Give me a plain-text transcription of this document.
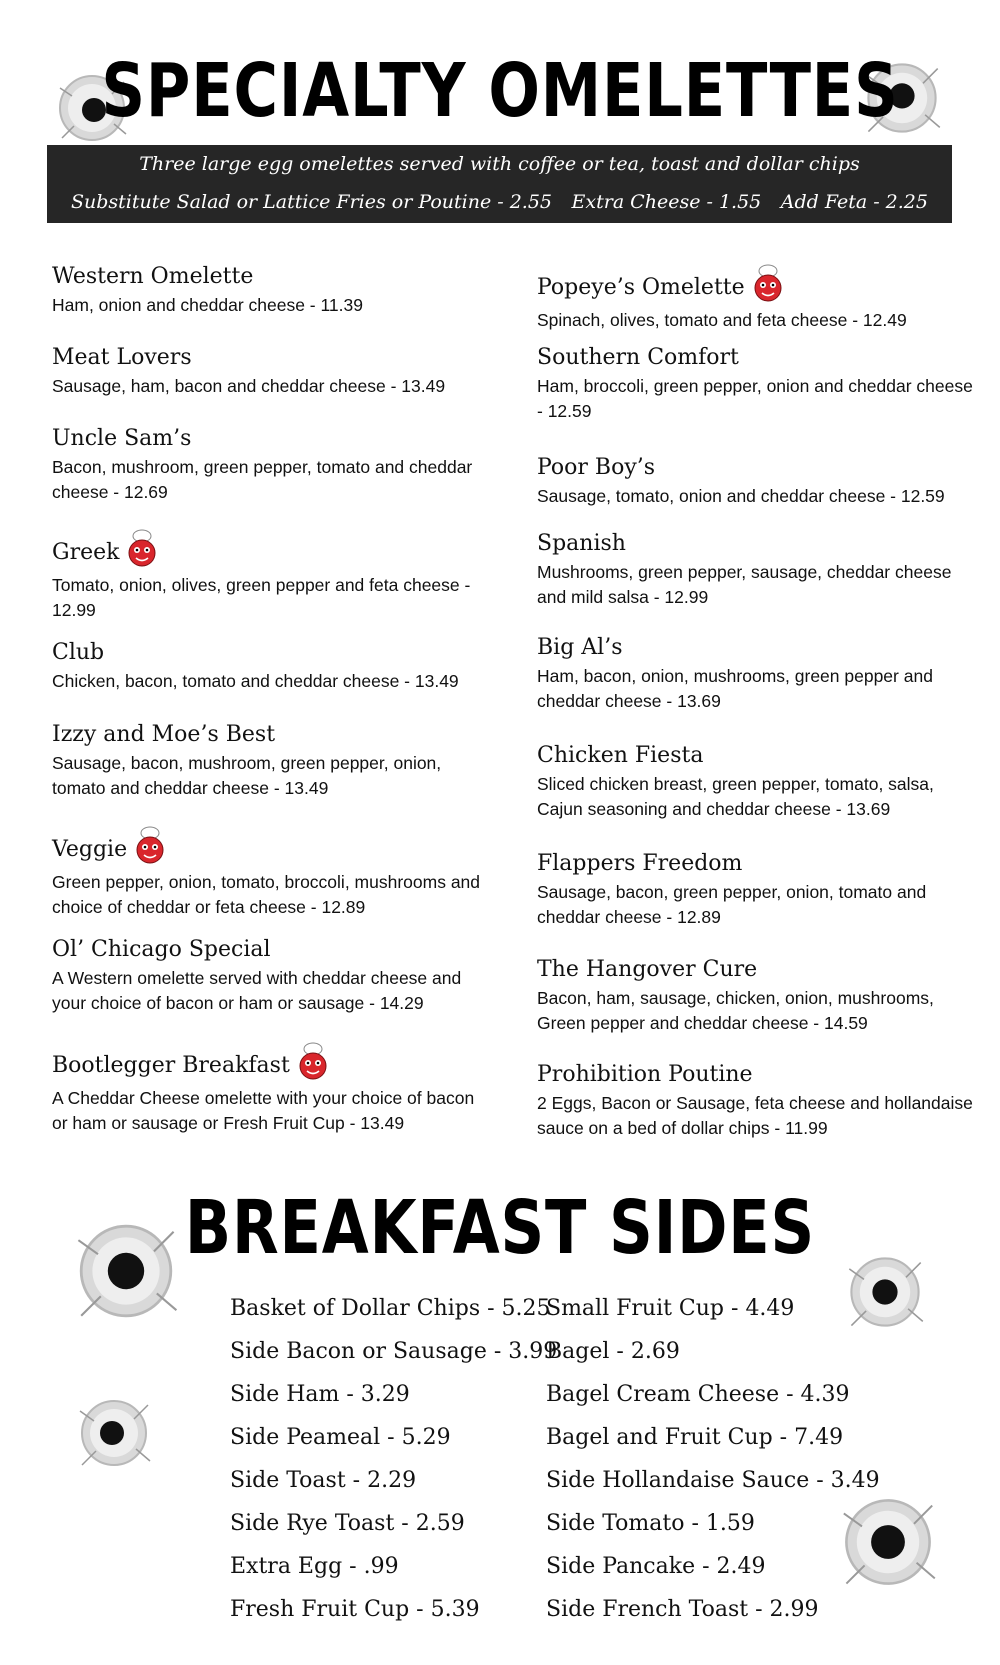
SPECIALTY OMELETTES
Three large egg omelettes served with coffee or tea, toast and dollar chips
Substitute Salad or Lattice Fries or Poutine - 2.55 Extra Cheese - 1.55 Add Feta - 2.25
Western Omelette
Ham, onion and cheddar cheese - 11.39
Meat Lovers
Sausage, ham, bacon and cheddar cheese - 13.49
Uncle Sam’s
Bacon, mushroom, green pepper, tomato and cheddar cheese - 12.69
Greek
Tomato, onion, olives, green pepper and feta cheese - 12.99
Club
Chicken, bacon, tomato and cheddar cheese - 13.49
Izzy and Moe’s Best
Sausage, bacon, mushroom, green pepper, onion, tomato and cheddar cheese - 13.49
Veggie
Green pepper, onion, tomato, broccoli, mushrooms and choice of cheddar or feta cheese - 12.89
Ol’ Chicago Special
A Western omelette served with cheddar cheese and your choice of bacon or ham or sausage - 14.29
Bootlegger Breakfast
A Cheddar Cheese omelette with your choice of bacon or ham or sausage or Fresh Fruit Cup - 13.49
Popeye’s Omelette
Spinach, olives, tomato and feta cheese - 12.49
Southern Comfort
Ham, broccoli, green pepper, onion and cheddar cheese - 12.59
Poor Boy’s
Sausage, tomato, onion and cheddar cheese - 12.59
Spanish
Mushrooms, green pepper, sausage, cheddar cheese and mild salsa - 12.99
Big Al’s
Ham, bacon, onion, mushrooms, green pepper and cheddar cheese - 13.69
Chicken Fiesta
Sliced chicken breast, green pepper, tomato, salsa, Cajun seasoning and cheddar cheese - 13.69
Flappers Freedom
Sausage, bacon, green pepper, onion, tomato and cheddar cheese - 12.89
The Hangover Cure
Bacon, ham, sausage, chicken, onion, mushrooms, Green pepper and cheddar cheese - 14.59
Prohibition Poutine
2 Eggs, Bacon or Sausage, feta cheese and hollandaise sauce on a bed of dollar chips - 11.99
BREAKFAST SIDES
Basket of Dollar Chips - 5.25
Side Bacon or Sausage - 3.99
Side Ham - 3.29
Side Peameal - 5.29
Side Toast - 2.29
Side Rye Toast - 2.59
Extra Egg - .99
Fresh Fruit Cup - 5.39
Small Fruit Cup - 4.49
Bagel - 2.69
Bagel Cream Cheese - 4.39
Bagel and Fruit Cup - 7.49
Side Hollandaise Sauce - 3.49
Side Tomato - 1.59
Side Pancake - 2.49
Side French Toast - 2.99
